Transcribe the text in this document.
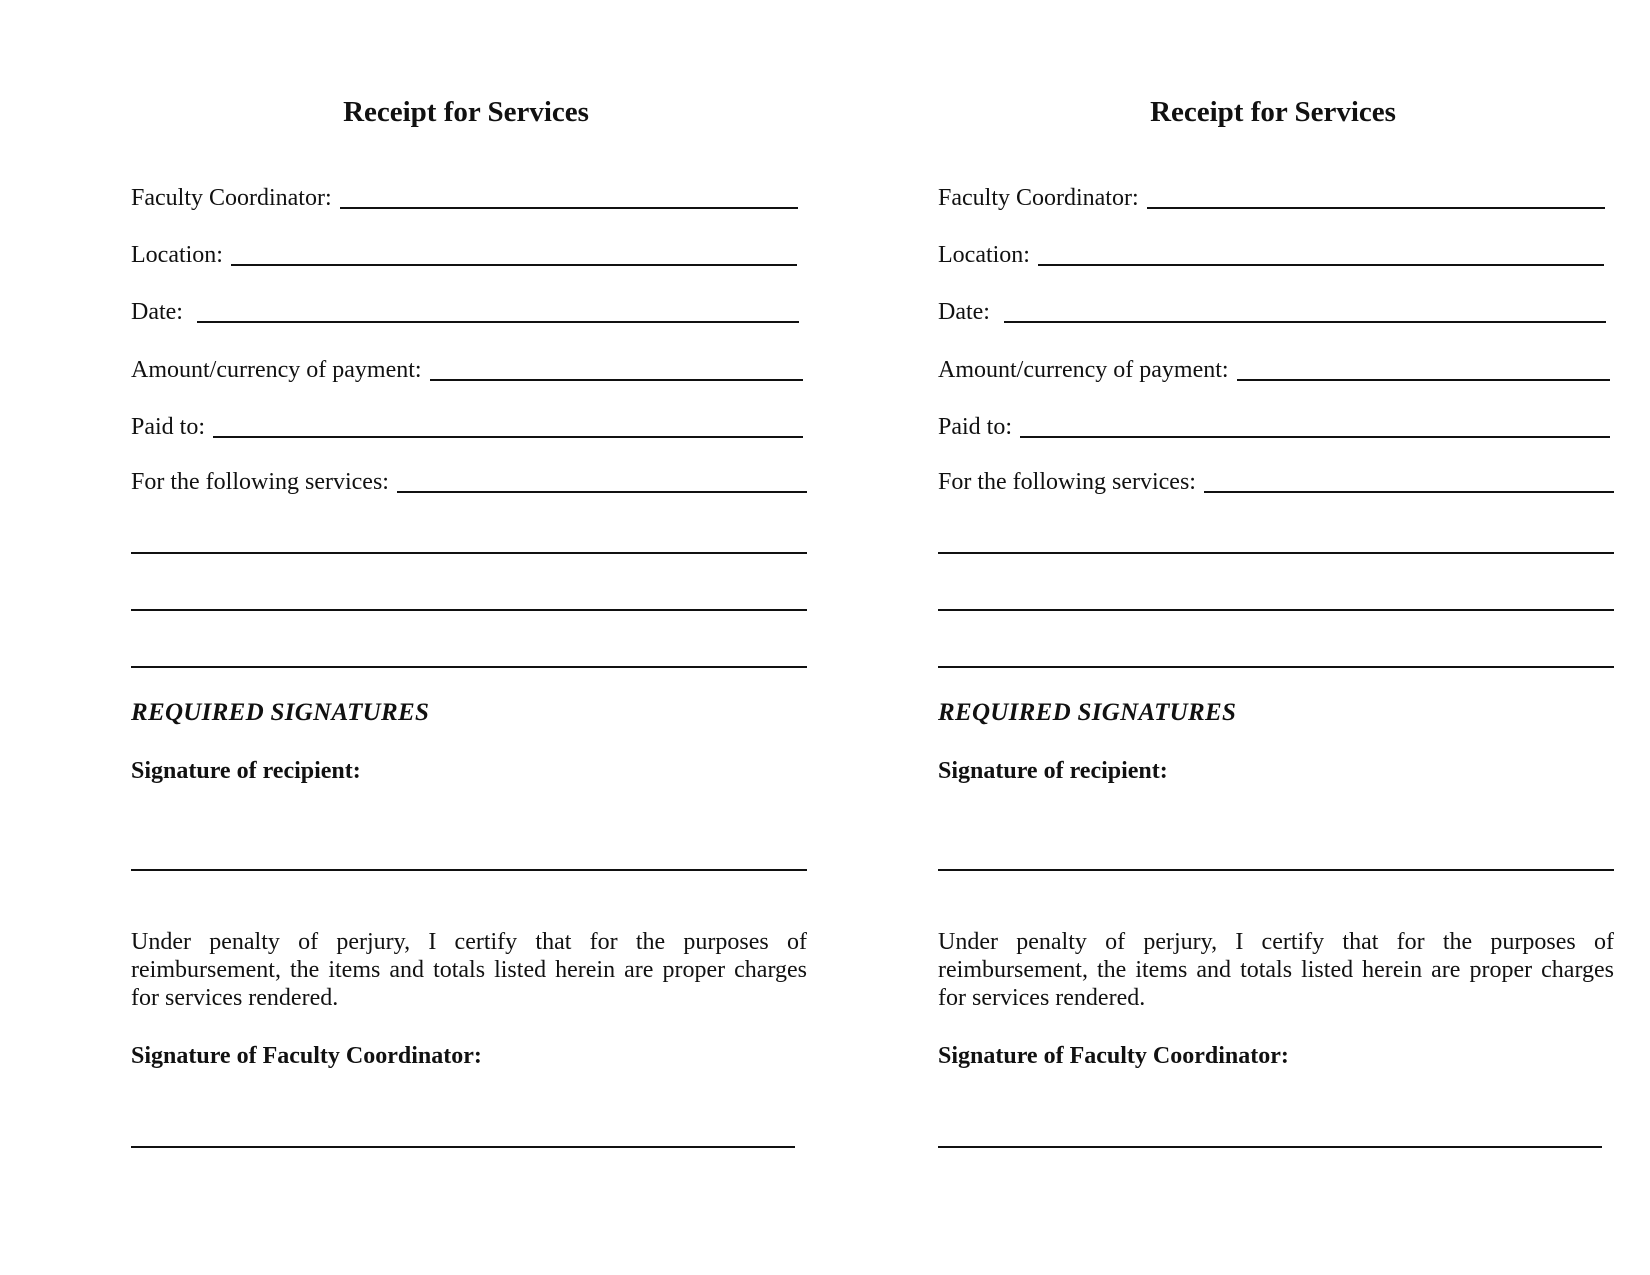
Receipt for Services
Faculty Coordinator:
Location:
Date:
Amount/currency of payment:
Paid to:
For the following services:
REQUIRED SIGNATURES
Signature of recipient:

Under penalty of perjury, I certify that for the purposes of reimbursement, the items and totals listed herein are proper charges for services rendered.

Signature of Faculty Coordinator:
Receipt for Services
Faculty Coordinator:
Location:
Date:
Amount/currency of payment:
Paid to:
For the following services:
REQUIRED SIGNATURES
Signature of recipient:

Under penalty of perjury, I certify that for the purposes of reimbursement, the items and totals listed herein are proper charges for services rendered.

Signature of Faculty Coordinator:
